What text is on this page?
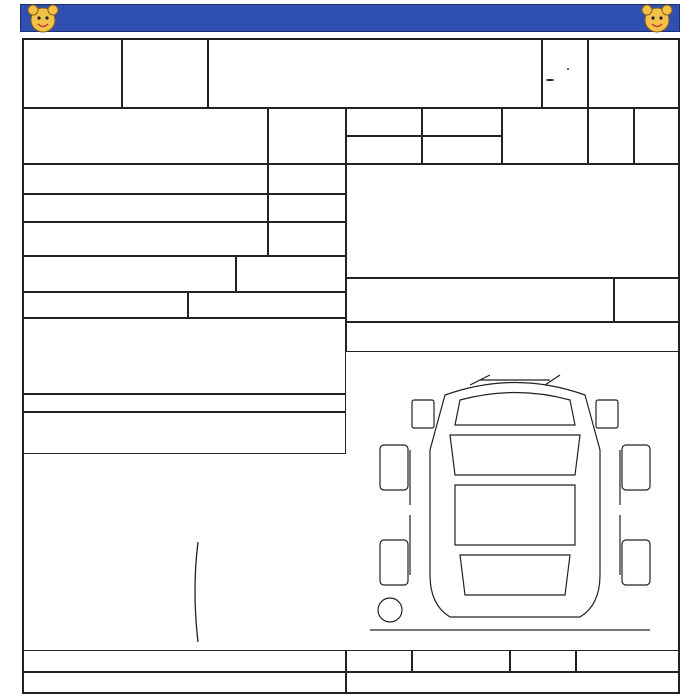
・
